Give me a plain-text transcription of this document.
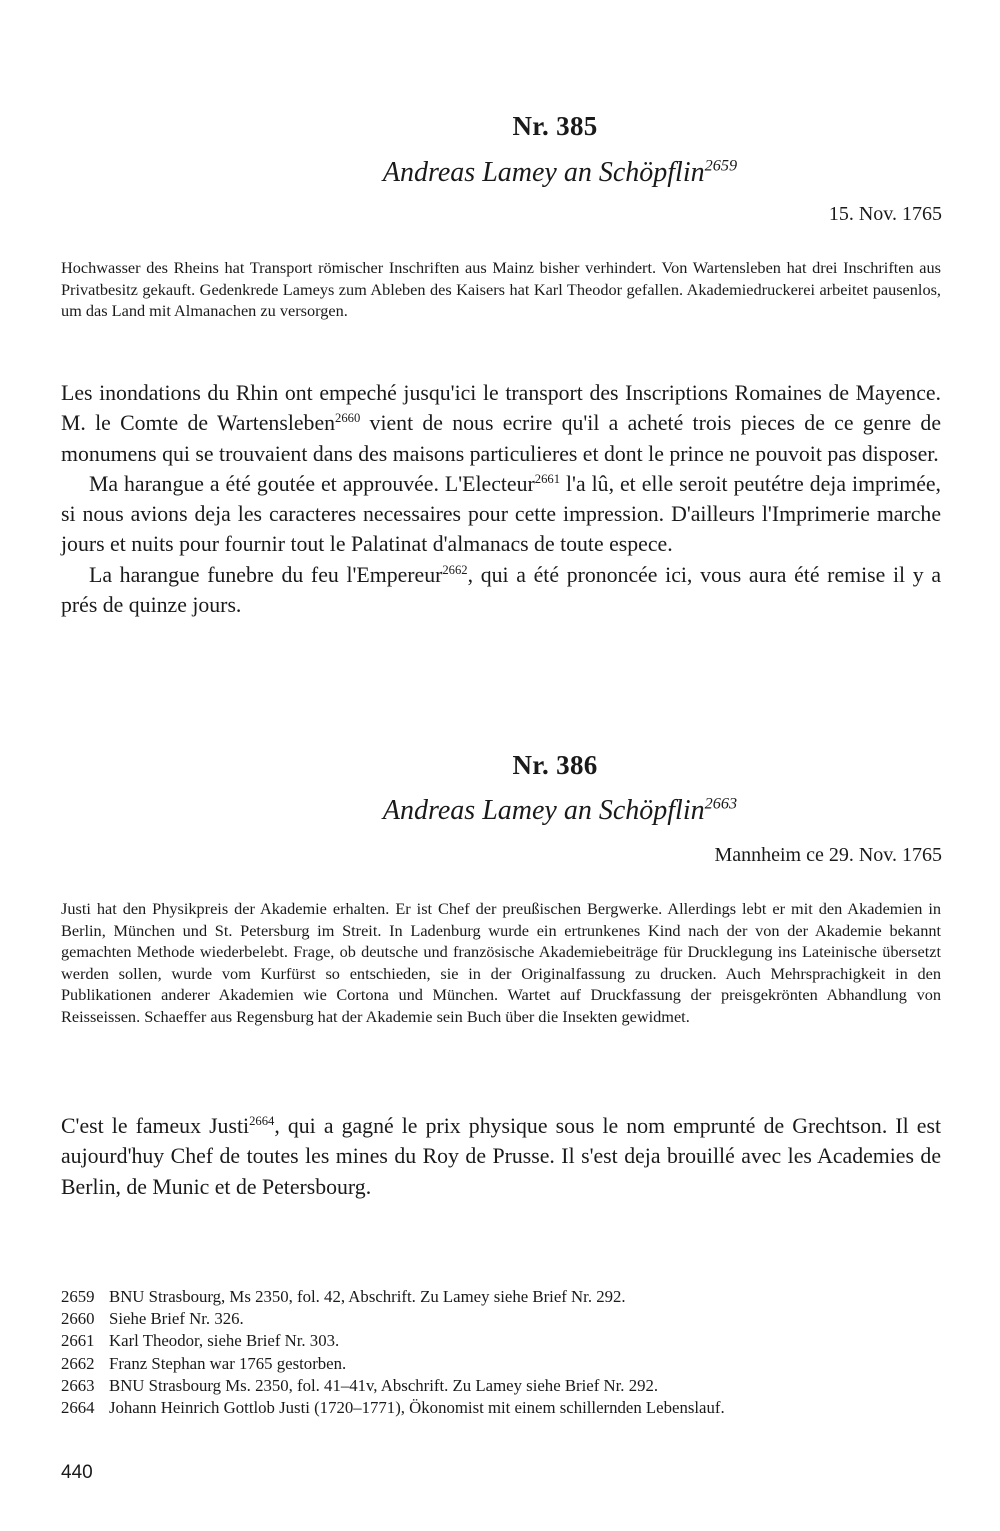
Nr. 385
Andreas Lamey an Schöpflin$^{2659}$
15. Nov. 1765
Hochwasser des Rheins hat Transport römischer Inschriften aus Mainz bisher verhindert. Von Wartensleben hat drei Inschriften aus Privatbesitz gekauft. Gedenkrede Lameys zum Ableben des Kaisers hat Karl Theodor gefallen. Akademiedruckerei arbeitet pausenlos, um das Land mit Almanachen zu versorgen.

Les inondations du Rhin ont empeché jusqu'ici le transport des Inscriptions Romaines de Mayence. M. le Comte de Wartensleben$^{2660}$ vient de nous ecrire qu'il a acheté trois pieces de ce genre de monumens qui se trouvaient dans des maisons particulieres et dont le prince ne pouvoit pas disposer.

Ma harangue a été goutée et approuvée. L'Electeur$^{2661}$ l'a lû, et elle seroit peutétre deja imprimée, si nous avions deja les caracteres necessaires pour cette impression. D'ailleurs l'Imprimerie marche jours et nuits pour fournir tout le Palatinat d'almanacs de toute espece.

La harangue funebre du feu l'Empereur$^{2662}$, qui a été prononcée ici, vous aura été remise il y a prés de quinze jours.

Nr. 386
Andreas Lamey an Schöpflin$^{2663}$
Mannheim ce 29. Nov. 1765
Justi hat den Physikpreis der Akademie erhalten. Er ist Chef der preußischen Bergwerke. Allerdings lebt er mit den Akademien in Berlin, München und St. Petersburg im Streit. In Ladenburg wurde ein ertrunkenes Kind nach der von der Akademie bekannt gemachten Methode wiederbelebt. Frage, ob deutsche und französische Akademiebeiträge für Drucklegung ins Lateinische übersetzt werden sollen, wurde vom Kurfürst so entschieden, sie in der Originalfassung zu drucken. Auch Mehrsprachigkeit in den Publikationen anderer Akademien wie Cortona und München. Wartet auf Druckfassung der preisgekrönten Abhandlung von Reisseissen. Schaeffer aus Regensburg hat der Akademie sein Buch über die Insekten gewidmet.

C'est le fameux Justi$^{2664}$, qui a gagné le prix physique sous le nom emprunté de Grechtson. Il est aujourd'huy Chef de toutes les mines du Roy de Prusse. Il s'est deja brouillé avec les Academies de Berlin, de Munic et de Petersbourg.

2659 BNU Strasbourg, Ms 2350, fol. 42, Abschrift. Zu Lamey siehe Brief Nr. 292.
2660 Siehe Brief Nr. 326.
2661 Karl Theodor, siehe Brief Nr. 303.
2662 Franz Stephan war 1765 gestorben.
2663 BNU Strasbourg Ms. 2350, fol. 41–41v, Abschrift. Zu Lamey siehe Brief Nr. 292.
2664 Johann Heinrich Gottlob Justi (1720–1771), Ökonomist mit einem schillernden Lebenslauf.
440
